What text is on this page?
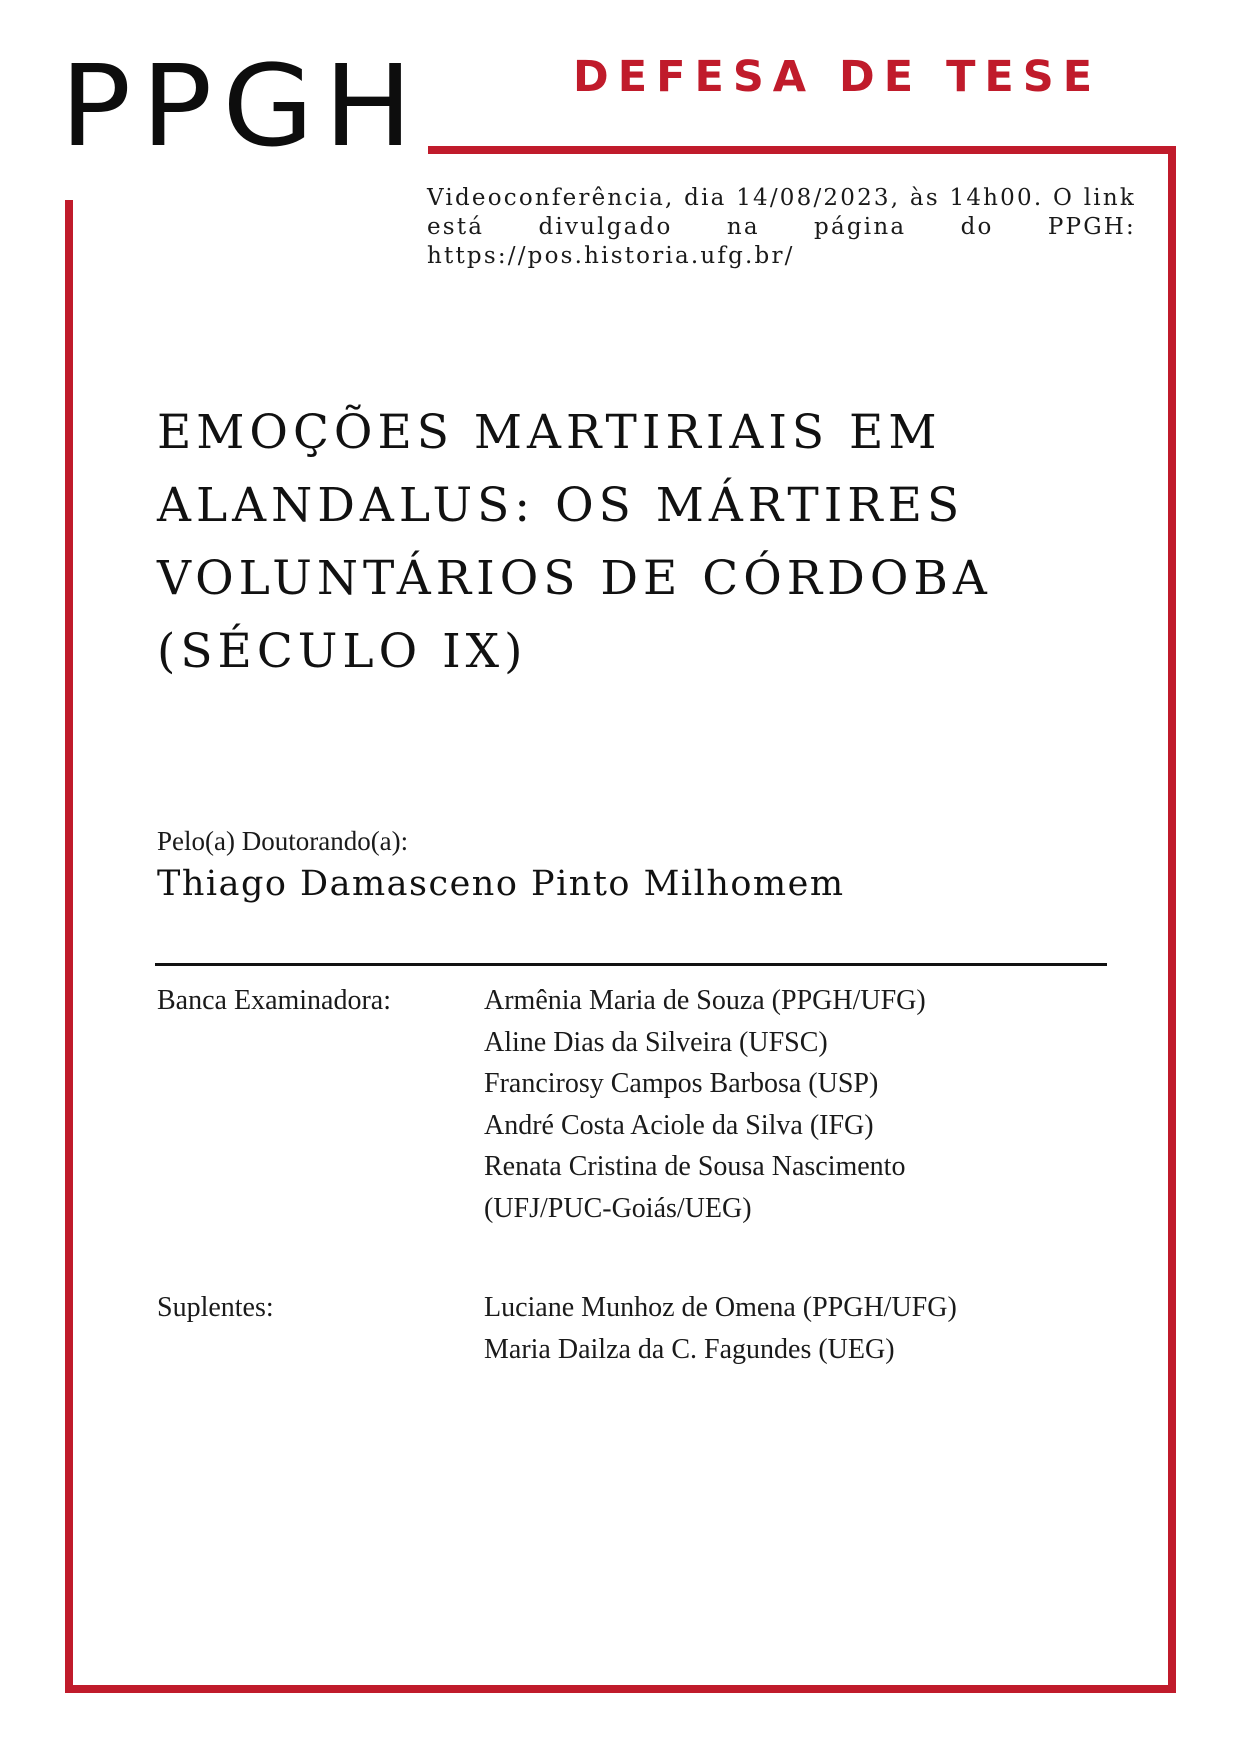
PPGH	DEFESA DE TESE
Videoconferência, dia 14/08/2023, às 14h00. O link está divulgado na página do PPGH: https://pos.historia.ufg.br/
EMOÇÕES MARTIRIAIS EM
ALANDALUS: OS MÁRTIRES
VOLUNTÁRIOS DE CÓRDOBA
(SÉCULO IX)
Pelo(a) Doutorando(a):
Thiago Damasceno Pinto Milhomem
Banca Examinadora:	Armênia Maria de Souza (PPGH/UFG)
Aline Dias da Silveira (UFSC)
Francirosy Campos Barbosa (USP)
André Costa Aciole da Silva (IFG)
Renata Cristina de Sousa Nascimento
(UFJ/PUC-Goiás/UEG)
Suplentes:	Luciane Munhoz de Omena (PPGH/UFG)
Maria Dailza da C. Fagundes (UEG)
